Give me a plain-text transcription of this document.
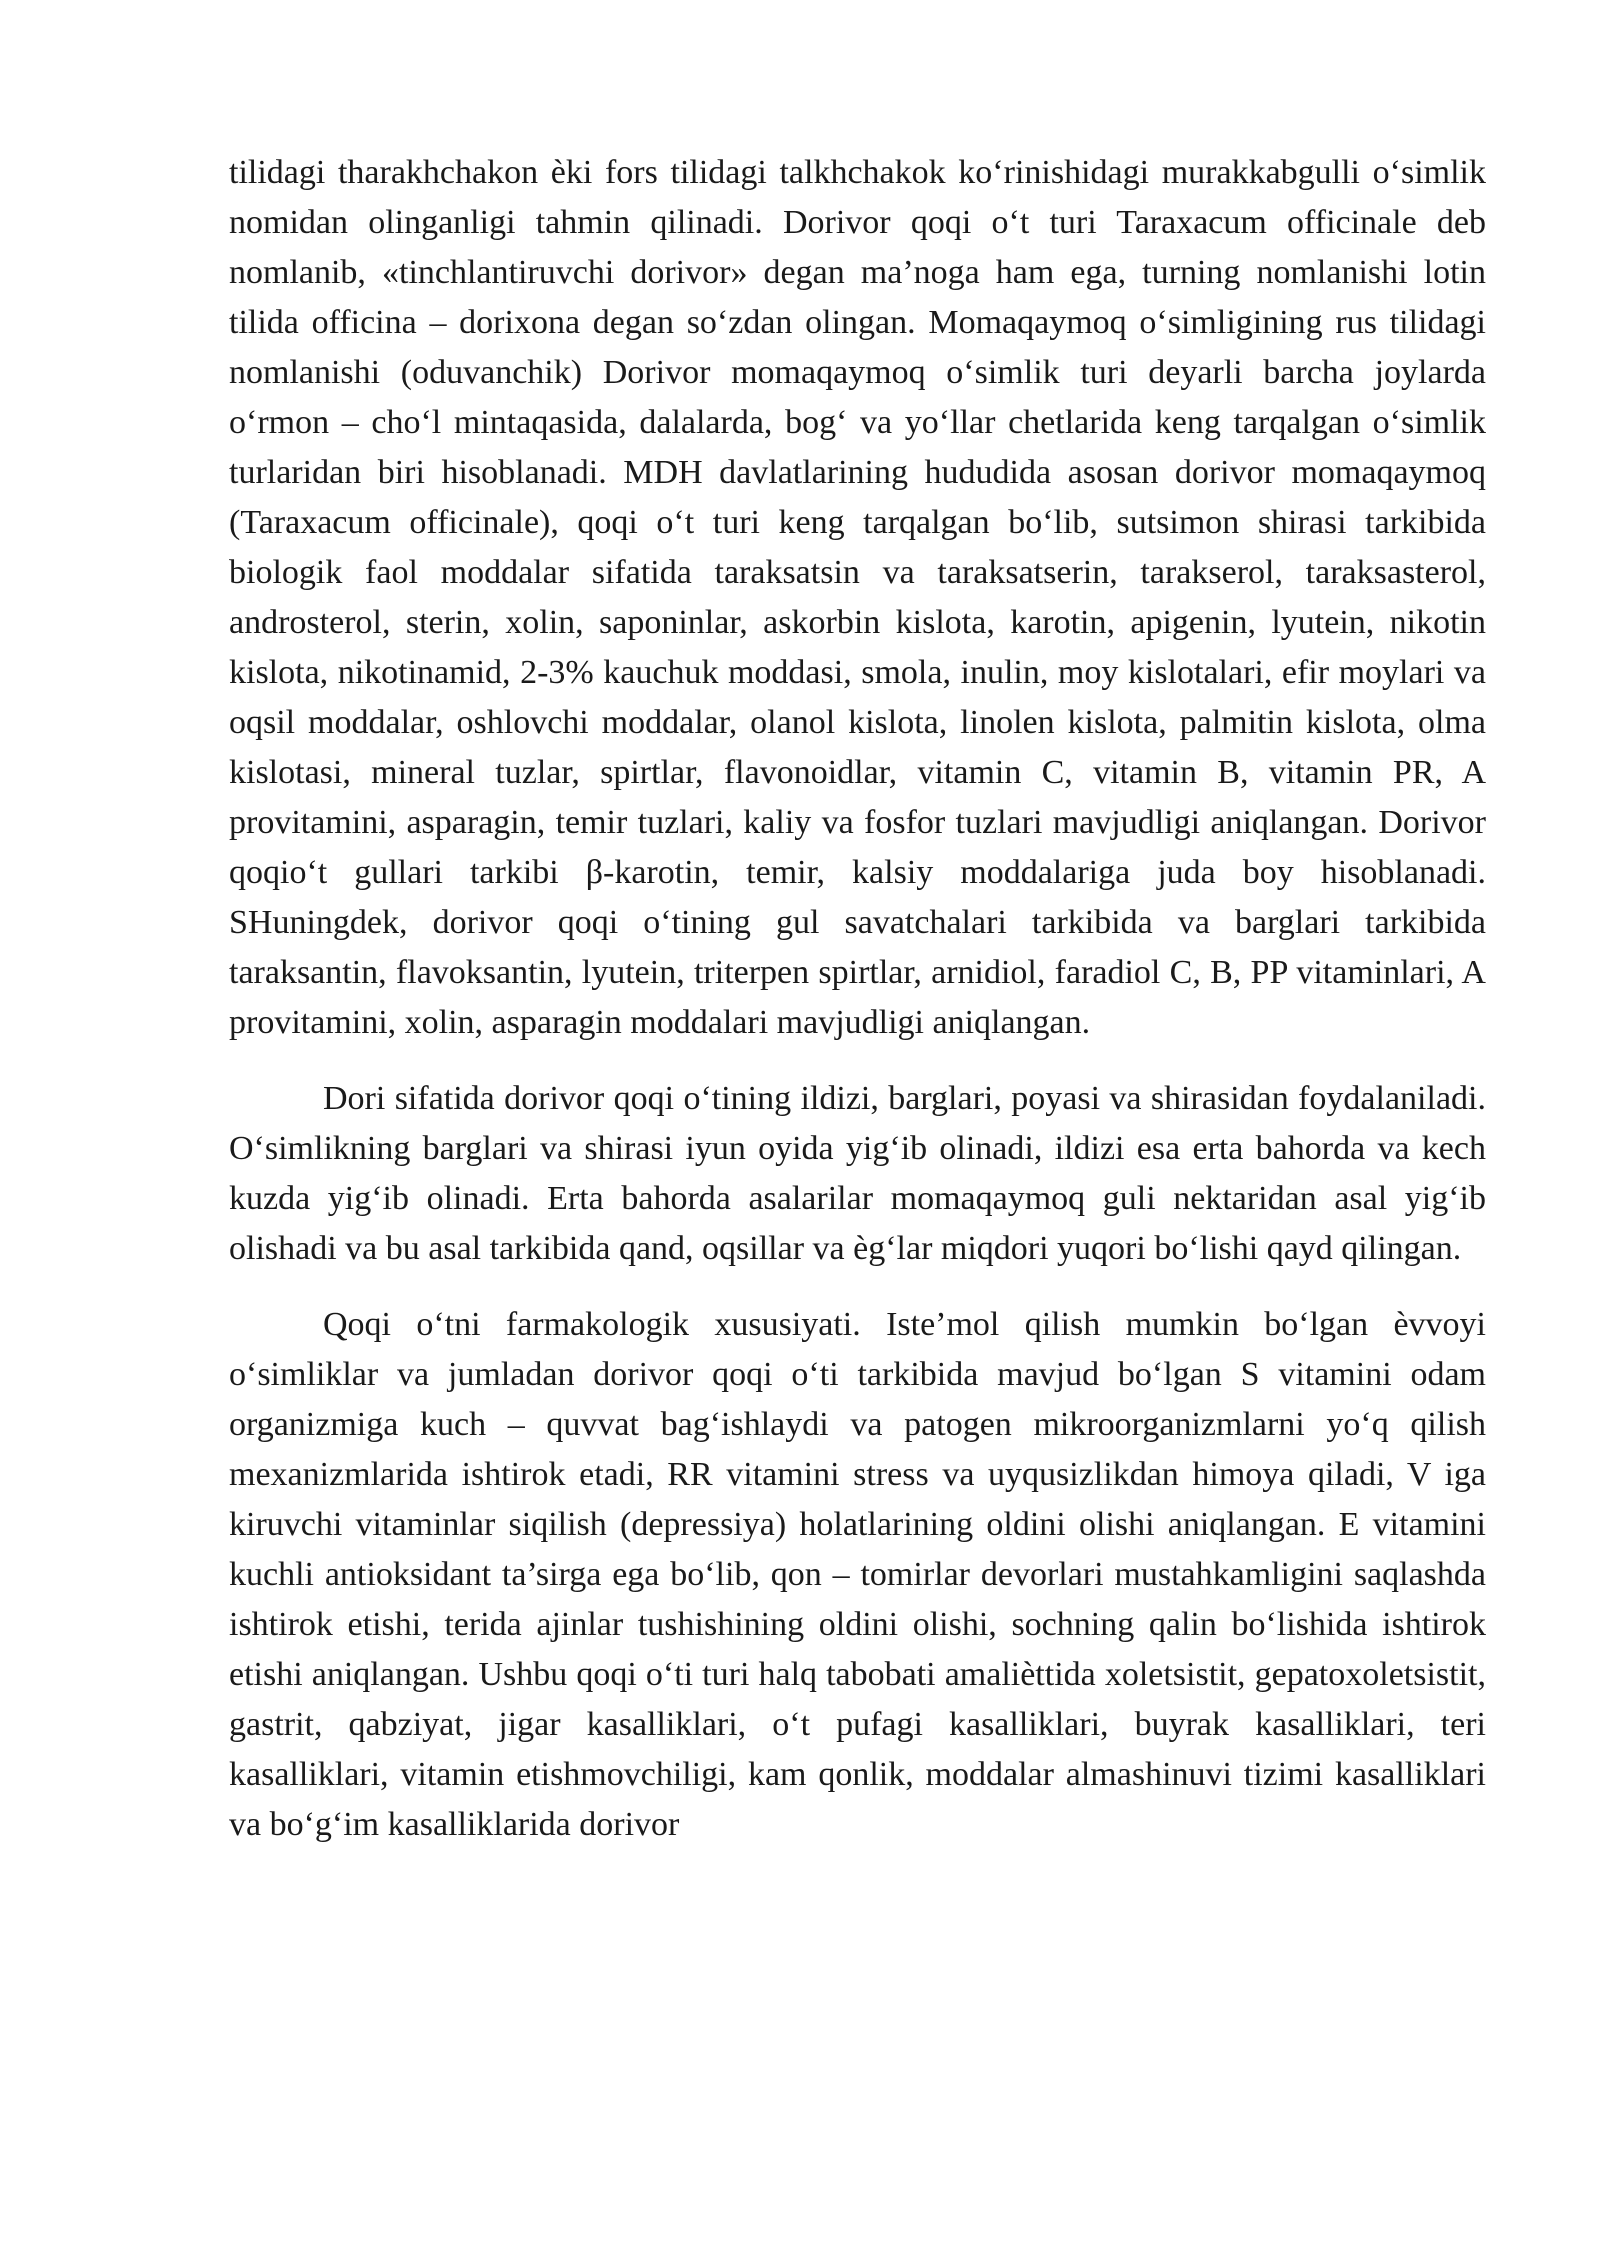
tilidagi tharakhchakon èki fors tilidagi talkhchakok ko‘rinishidagi murakkabgulli o‘simlik nomidan olinganligi tahmin qilinadi. Dorivor qoqi o‘t turi Taraxacum officinale deb nomlanib, «tinchlantiruvchi dorivor» degan ma’noga ham ega, turning nomlanishi lotin tilida officina – dorixona degan so‘zdan olingan. Momaqaymoq o‘simligining rus tilidagi nomlanishi (oduvanchik) Dorivor momaqaymoq o‘simlik turi deyarli barcha joylarda o‘rmon – cho‘l mintaqasida, dalalarda, bog‘ va yo‘llar chetlarida keng tarqalgan o‘simlik turlaridan biri hisoblanadi. MDH davlatlarining hududida asosan dorivor momaqaymoq (Taraxacum officinale), qoqi o‘t turi keng tarqalgan bo‘lib, sutsimon shirasi tarkibida biologik faol moddalar sifatida taraksatsin va taraksatserin, tarakserol, taraksasterol, androsterol, sterin, xolin, saponinlar, askorbin kislota, karotin, apigenin, lyutein, nikotin kislota, nikotinamid, 2-3% kauchuk moddasi, smola, inulin, moy kislotalari, efir moylari va oqsil moddalar, oshlovchi moddalar, olanol kislota, linolen kislota, palmitin kislota, olma kislotasi, mineral tuzlar, spirtlar, flavonoidlar, vitamin C, vitamin B, vitamin PR, A provitamini, asparagin, temir tuzlari, kaliy va fosfor tuzlari mavjudligi aniqlangan. Dorivor qoqio‘t gullari tarkibi β-karotin, temir, kalsiy moddalariga juda boy hisoblanadi. SHuningdek, dorivor qoqi o‘tining gul savatchalari tarkibida va barglari tarkibida taraksantin, flavoksantin, lyutein, triterpen spirtlar, arnidiol, faradiol C, B, PP vitaminlari, A provitamini, xolin, asparagin moddalari mavjudligi aniqlangan.

Dori sifatida dorivor qoqi o‘tining ildizi, barglari, poyasi va shirasidan foydalaniladi. O‘simlikning barglari va shirasi iyun oyida yig‘ib olinadi, ildizi esa erta bahorda va kech kuzda yig‘ib olinadi. Erta bahorda asalarilar momaqaymoq guli nektaridan asal yig‘ib olishadi va bu asal tarkibida qand, oqsillar va èg‘lar miqdori yuqori bo‘lishi qayd qilingan.

Qoqi o‘tni farmakologik xususiyati. Iste’mol qilish mumkin bo‘lgan èvvoyi o‘simliklar va jumladan dorivor qoqi o‘ti tarkibida mavjud bo‘lgan S vitamini odam organizmiga kuch – quvvat bag‘ishlaydi va patogen mikroorganizmlarni yo‘q qilish mexanizmlarida ishtirok etadi, RR vitamini stress va uyqusizlikdan himoya qiladi, V iga kiruvchi vitaminlar siqilish (depressiya) holatlarining oldini olishi aniqlangan. E vitamini kuchli antioksidant ta’sirga ega bo‘lib, qon – tomirlar devorlari mustahkamligini saqlashda ishtirok etishi, terida ajinlar tushishining oldini olishi, sochning qalin bo‘lishida ishtirok etishi aniqlangan. Ushbu qoqi o‘ti turi halq tabobati amalièttida xoletsistit, gepatoxoletsistit, gastrit, qabziyat, jigar kasalliklari, o‘t pufagi kasalliklari, buyrak kasalliklari, teri kasalliklari, vitamin etishmovchiligi, kam qonlik, moddalar almashinuvi tizimi kasalliklari va bo‘g‘im kasalliklarida dorivor
